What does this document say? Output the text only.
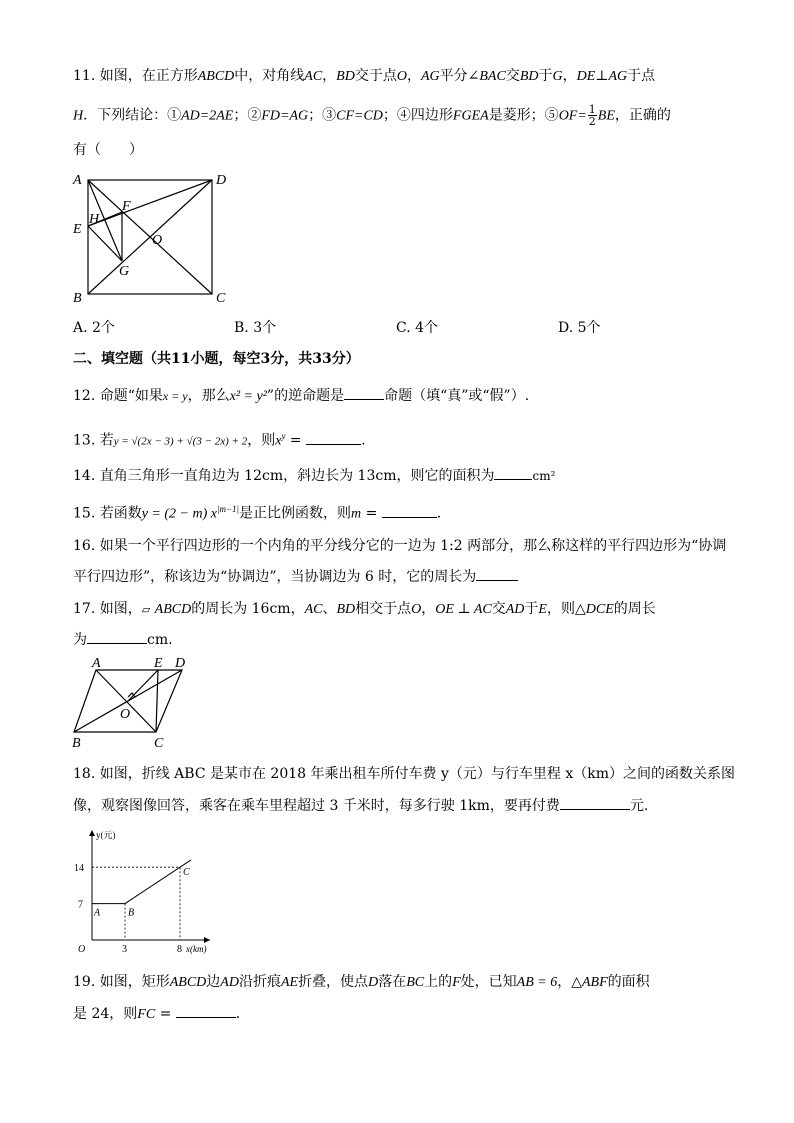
11. 如图，在正方形ABCD中，对角线AC，BD交于点O，AG平分∠BAC交BD于G，DE⊥AG于点
H．下列结论：①AD=2AE；②FD=AG；③CF=CD；④四边形FGEA是菱形；⑤OF= $\frac{1}{2}$ BE，正确的
有（　　）
A	D
B	C
E
F
G
H
O
A. 2个	B. 3个	C. 4个	D. 5个
二、填空题（共11小题，每空3分，共33分）
12. 命题“如果x = y，那么x² = y²”的逆命题是	命题（填“真”或“假”）.
13. 若y = √(2x − 3) + √(3 − 2x) + 2，则$x^y$ =	.
14. 直角三角形一直角边为 12cm，斜边长为 13cm，则它的面积为	cm²
15. 若函数y = (2 − m) $x^{|m-1|}$是正比例函数，则m =	.
16. 如果一个平行四边形的一个内角的平分线分它的一边为 1:2 两部分，那么称这样的平行四边形为“协调
平行四边形”，称该边为“协调边”，当协调边为 6 时，它的周长为
17. 如图，▱ ABCD的周长为 16cm，AC、BD相交于点O，OE ⊥ AC交AD于E，则△DCE的周长
为	cm.
A	E D
B	C
O
18. 如图，折线 ABC 是某市在 2018 年乘出租车所付车费 y（元）与行车里程 x（km）之间的函数关系图
像，观察图像回答，乘客在乘车里程超过 3 千米时，每多行驶 1km，要再付费	元.
y(元)
x(km)
O
7
14
3	8
A	B
C
19. 如图，矩形ABCD边AD沿折痕AE折叠，使点D落在BC上的F处，已知AB = 6，△ABF的面积
是 24，则FC =	.
